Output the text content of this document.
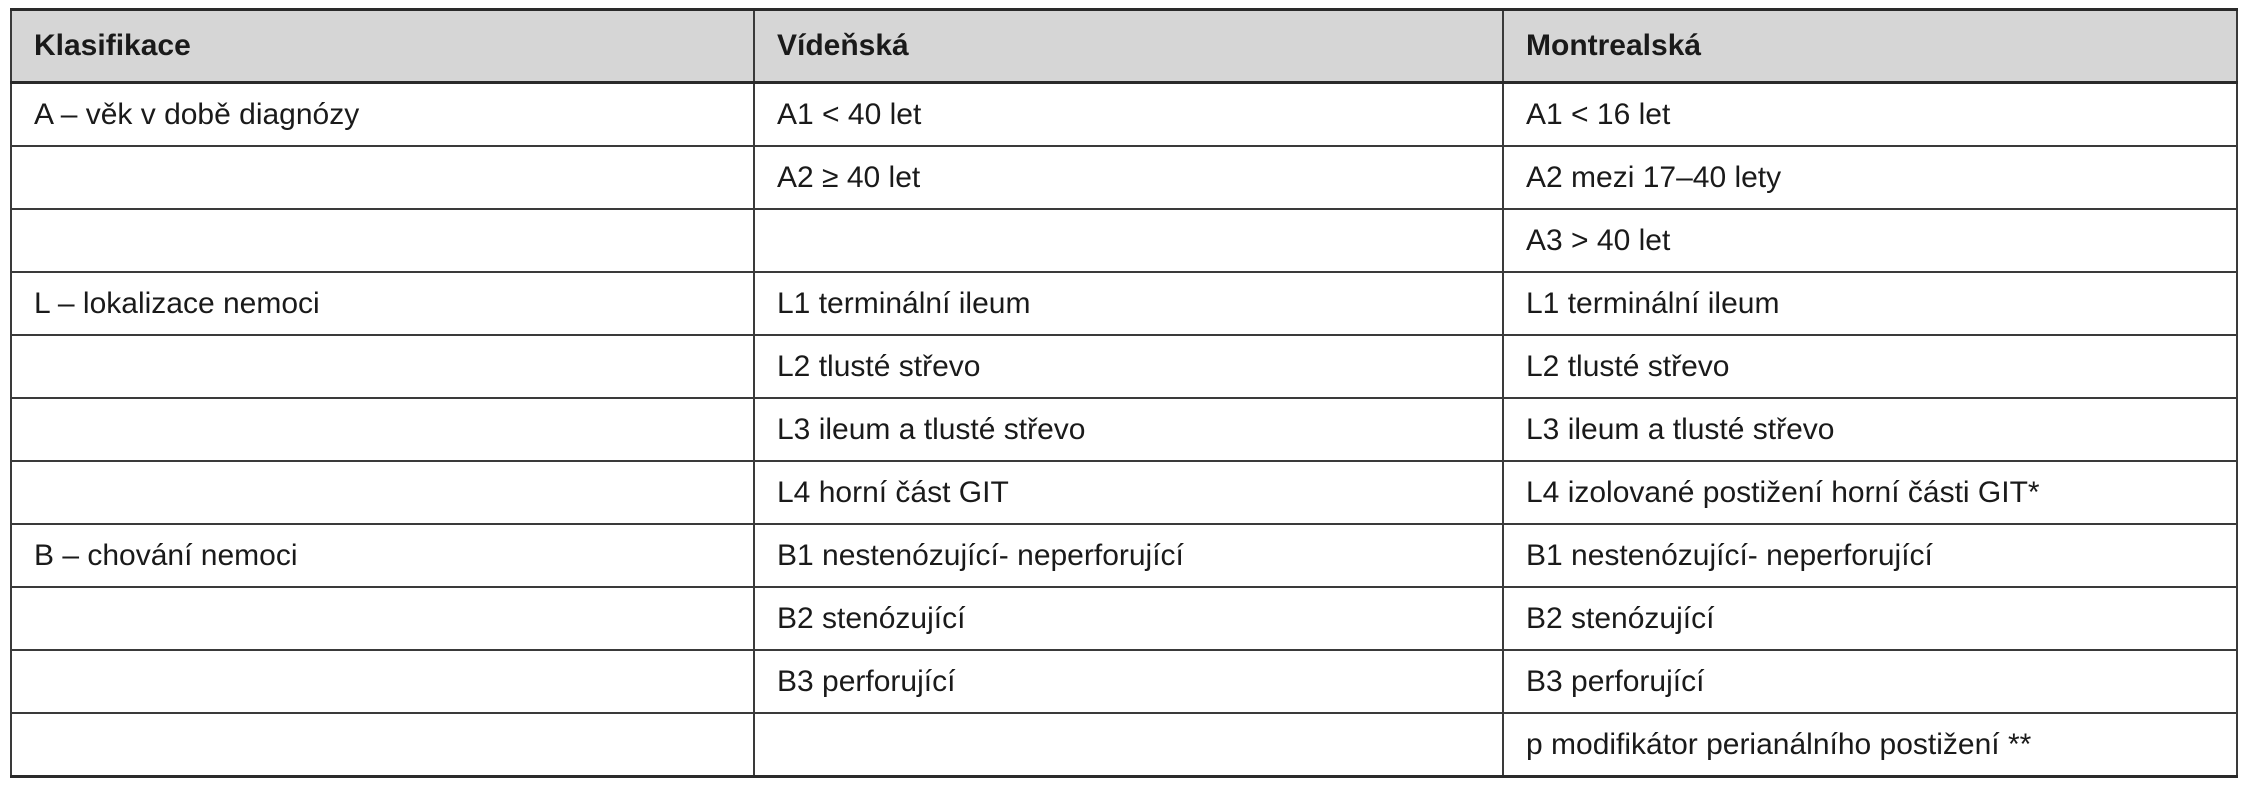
Klasifikace	Vídeňská	Montrealská
A – věk v době diagnózy	A1 < 40 let	A1 < 16 let
	A2 ≥ 40 let	A2 mezi 17–40 lety
		A3 > 40 let
L – lokalizace nemoci	L1 terminální ileum	L1 terminální ileum
	L2 tlusté střevo	L2 tlusté střevo
	L3 ileum a tlusté střevo	L3 ileum a tlusté střevo
	L4 horní část GIT	L4 izolované postižení horní části GIT*
B – chování nemoci	B1 nestenózující- neperforující	B1 nestenózující- neperforující
	B2 stenózující	B2 stenózující
	B3 perforující	B3 perforující
		p modifikátor perianálního postižení **
